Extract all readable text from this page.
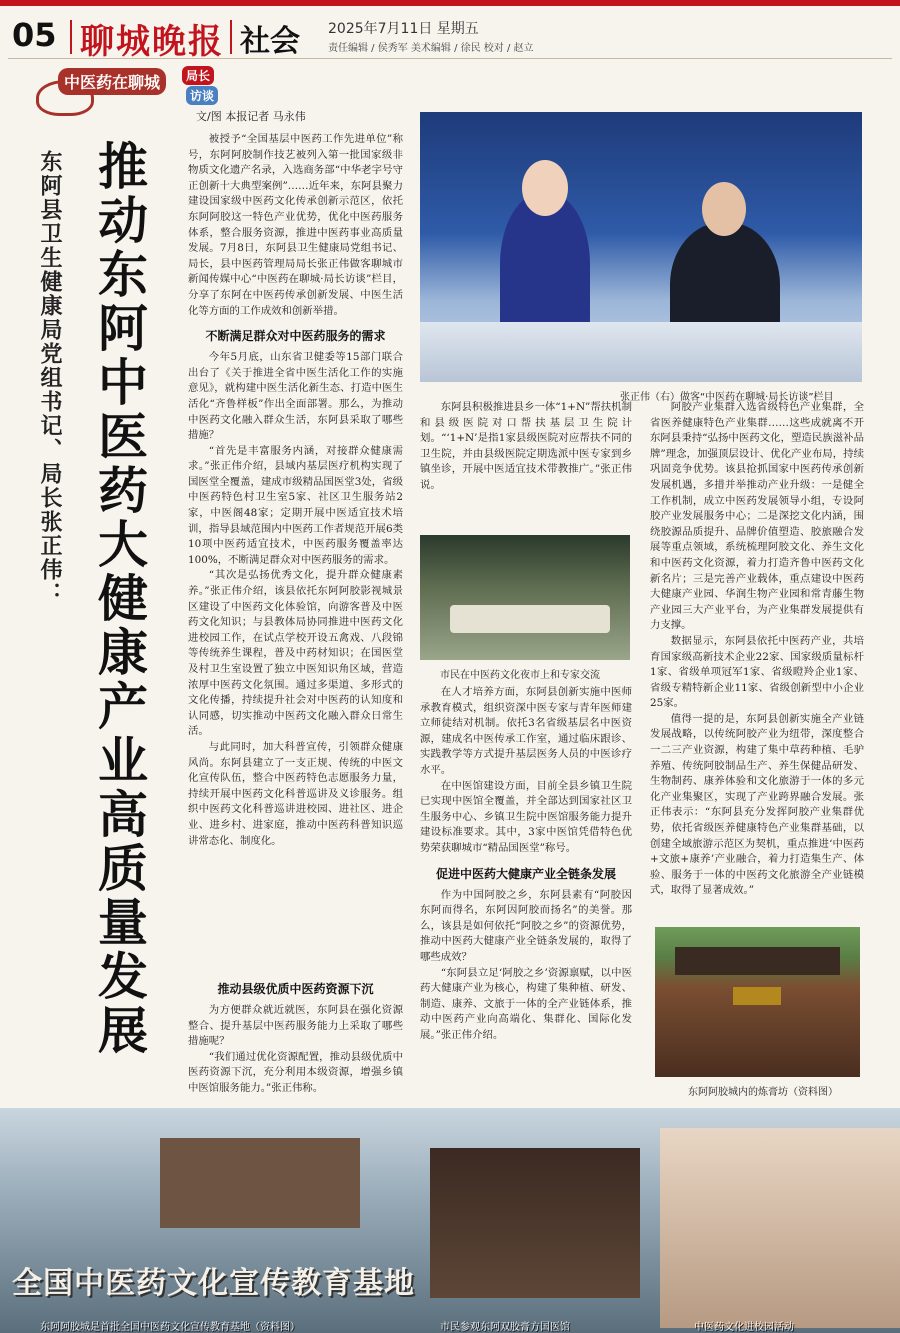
05 聊城晚报 社会 2025年7月11日 星期五
责任编辑 / 侯秀军 美术编辑 / 徐民 校对 / 赵立
中医药在聊城	局长
访谈
东阿县卫生健康局党组书记、局长张正伟： 推动东阿中医药大健康产业高质量发展
文/图 本报记者 马永伟

被授予“全国基层中医药工作先进单位”称号，东阿阿胶制作技艺被列入第一批国家级非物质文化遗产名录，入选商务部“中华老字号守正创新十大典型案例”……近年来，东阿县聚力建设国家级中医药文化传承创新示范区，依托东阿阿胶这一特色产业优势，优化中医药服务体系，整合服务资源，推进中医药事业高质量发展。7月8日，东阿县卫生健康局党组书记、局长，县中医药管理局局长张正伟做客聊城市新闻传媒中心“中医药在聊城·局长访谈”栏目，分享了东阿在中医药传承创新发展、中医生活化等方面的工作成效和创新举措。

不断满足群众对中医药服务的需求

今年5月底，山东省卫健委等15部门联合出台了《关于推进全省中医生活化工作的实施意见》，就构建中医生活化新生态、打造中医生活化“齐鲁样板”作出全面部署。那么，为推动中医药文化融入群众生活，东阿县采取了哪些措施？

“首先是丰富服务内涵，对接群众健康需求。”张正伟介绍，县域内基层医疗机构实现了国医堂全覆盖，建成市级精品国医堂3处，省级中医药特色村卫生室5家、社区卫生服务站2家，中医阁48家；定期开展中医适宜技术培训，指导县域范围内中医药工作者规范开展6类10项中医药适宜技术，中医药服务覆盖率达100%，不断满足群众对中医药服务的需求。

“其次是弘扬优秀文化，提升群众健康素养。”张正伟介绍，该县依托东阿阿胶影视城景区建设了中医药文化体验馆，向游客普及中医药文化知识；与县教体局协同推进中医药文化进校园工作，在试点学校开设五禽戏、八段锦等传统养生课程，普及中药材知识；在国医堂及村卫生室设置了独立中医知识角区域，营造浓厚中医药文化氛围。通过多渠道、多形式的文化传播，持续提升社会对中医药的认知度和认同感，切实推动中医药文化融入群众日常生活。

与此同时，加大科普宣传，引领群众健康风尚。东阿县建立了一支正规、传统的中医文化宣传队伍，整合中医药特色志愿服务力量，持续开展中医药文化科普巡讲及义诊服务。组织中医药文化科普巡讲进校园、进社区、进企业、进乡村、进家庭，推动中医药科普知识巡讲常态化、制度化。

推动县级优质中医药资源下沉

为方便群众就近就医，东阿县在强化资源整合、提升基层中医药服务能力上采取了哪些措施呢？

“我们通过优化资源配置，推动县级优质中医药资源下沉，充分利用本级资源，增强乡镇中医馆服务能力。”张正伟称。

张正伟（右）做客“中医药在聊城·局长访谈”栏目

东阿县积极推进县乡一体“1+N”帮扶机制和县级医院对口帮扶基层卫生院计划。“‘1+N’是指1家县级医院对应帮扶不同的卫生院，并由县级医院定期选派中医专家到乡镇坐诊，开展中医适宜技术带教推广。”张正伟说。

市民在中医药文化夜市上和专家交流

在人才培养方面，东阿县创新实施中医师承教育模式，组织资深中医专家与青年医师建立师徒结对机制。依托3名省级基层名中医资源，建成名中医传承工作室，通过临床跟诊、实践教学等方式提升基层医务人员的中医诊疗水平。

在中医馆建设方面，目前全县乡镇卫生院已实现中医馆全覆盖，并全部达到国家社区卫生服务中心、乡镇卫生院中医馆服务能力提升建设标准要求。其中，3家中医馆凭借特色优势荣获聊城市“精品国医堂”称号。

促进中医药大健康产业全链条发展

作为中国阿胶之乡，东阿县素有“阿胶因东阿而得名，东阿因阿胶而扬名”的美誉。那么，该县是如何依托“阿胶之乡”的资源优势，推动中医药大健康产业全链条发展的，取得了哪些成效？

“东阿县立足‘阿胶之乡’资源禀赋，以中医药大健康产业为核心，构建了集种植、研发、制造、康养、文旅于一体的全产业链体系，推动中医药产业向高端化、集群化、国际化发展。”张正伟介绍。

阿胶产业集群入选省级特色产业集群，全省医养健康特色产业集群……这些成就离不开东阿县秉持“弘扬中医药文化，塑造民族滋补品牌”理念，加强顶层设计、优化产业布局，持续巩固竞争优势。该县抢抓国家中医药传承创新发展机遇，多措并举推动产业升级：一是健全工作机制，成立中医药发展领导小组，专设阿胶产业发展服务中心；二是深挖文化内涵，围绕胶源品质提升、品牌价值塑造、胶旅融合发展等重点领域，系统梳理阿胶文化、养生文化和中医药文化资源，着力打造齐鲁中医药文化新名片；三是完善产业载体，重点建设中医药大健康产业园、华润生物产业园和常青藤生物产业园三大产业平台，为产业集群发展提供有力支撑。

数据显示，东阿县依托中医药产业，共培育国家级高新技术企业22家、国家级质量标杆1家、省级单项冠军1家、省级瞪羚企业1家、省级专精特新企业11家、省级创新型中小企业25家。

值得一提的是，东阿县创新实施全产业链发展战略，以传统阿胶产业为纽带，深度整合一二三产业资源，构建了集中草药种植、毛驴养殖、传统阿胶制品生产、养生保健品研发、生物制药、康养体验和文化旅游于一体的多元化产业集聚区，实现了产业跨界融合发展。张正伟表示：“东阿县充分发挥阿胶产业集群优势，依托省级医养健康特色产业集群基础，以创建全域旅游示范区为契机，重点推进‘中医药+文旅+康养’产业融合，着力打造集生产、体验、服务于一体的中医药文化旅游全产业链模式，取得了显著成效。”

东阿阿胶城内的炼膏坊（资料图）
全国中医药文化宣传教育基地
东阿阿胶城是首批全国中医药文化宣传教育基地（资料图）	市民参观东阿双胶膏方国医馆	中医药文化进校园活动
